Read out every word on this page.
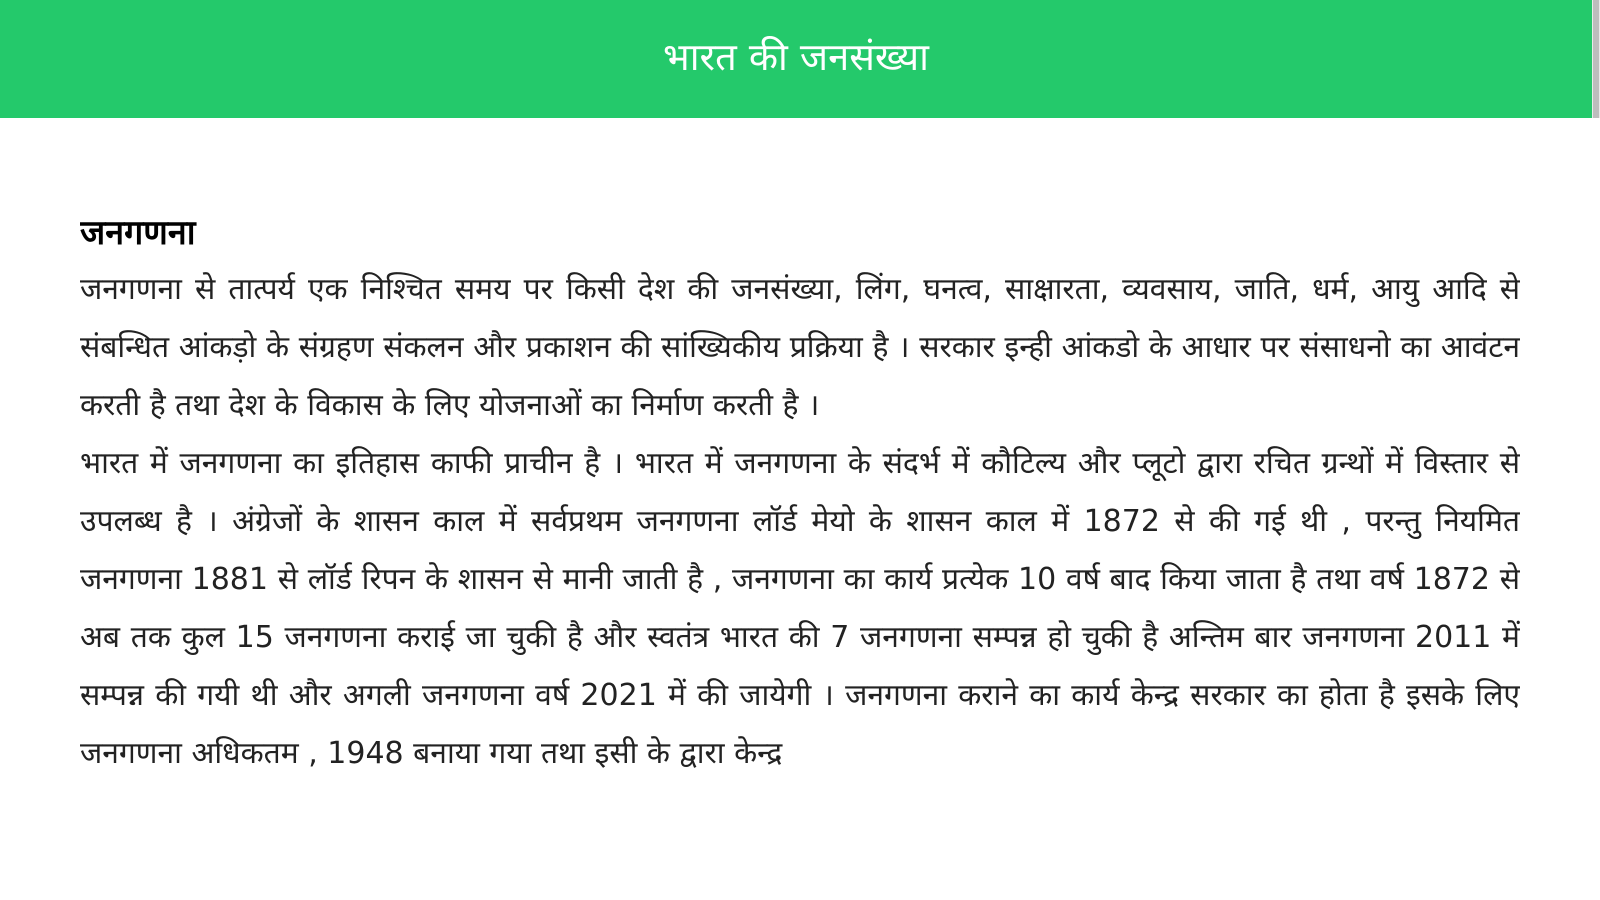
भारत की जनसंख्या
जनगणना

जनगणना से तात्पर्य एक निश्चित समय पर किसी देश की जनसंख्या, लिंग, घनत्व, साक्षारता, व्यवसाय, जाति, धर्म, आयु आदि से संबन्धित आंकड़ो के संग्रहण संकलन और प्रकाशन की सांख्यिकीय प्रक्रिया है । सरकार इन्ही आंकडो के आधार पर संसाधनो का आवंटन करती है तथा देश के विकास के लिए योजनाओं का निर्माण करती है ।

भारत में जनगणना का इतिहास काफी प्राचीन है । भारत में जनगणना के संदर्भ में कौटिल्य और प्लूटो द्वारा रचित ग्रन्थों में विस्तार से उपलब्ध है । अंग्रेजों के शासन काल में सर्वप्रथम जनगणना लॉर्ड मेयो के शासन काल में 1872 से की गई थी , परन्तु नियमित जनगणना 1881 से लॉर्ड रिपन के शासन से मानी जाती है , जनगणना का कार्य प्रत्येक 10 वर्ष बाद किया जाता है तथा वर्ष 1872 से अब तक कुल 15 जनगणना कराई जा चुकी है और स्वतंत्र भारत की 7 जनगणना सम्पन्न हो चुकी है अन्तिम बार जनगणना 2011 में सम्पन्न की गयी थी और अगली जनगणना वर्ष 2021 में की जायेगी । जनगणना कराने का कार्य केन्द्र सरकार का होता है इसके लिए जनगणना अधिकतम , 1948 बनाया गया तथा इसी के द्वारा केन्द्र
